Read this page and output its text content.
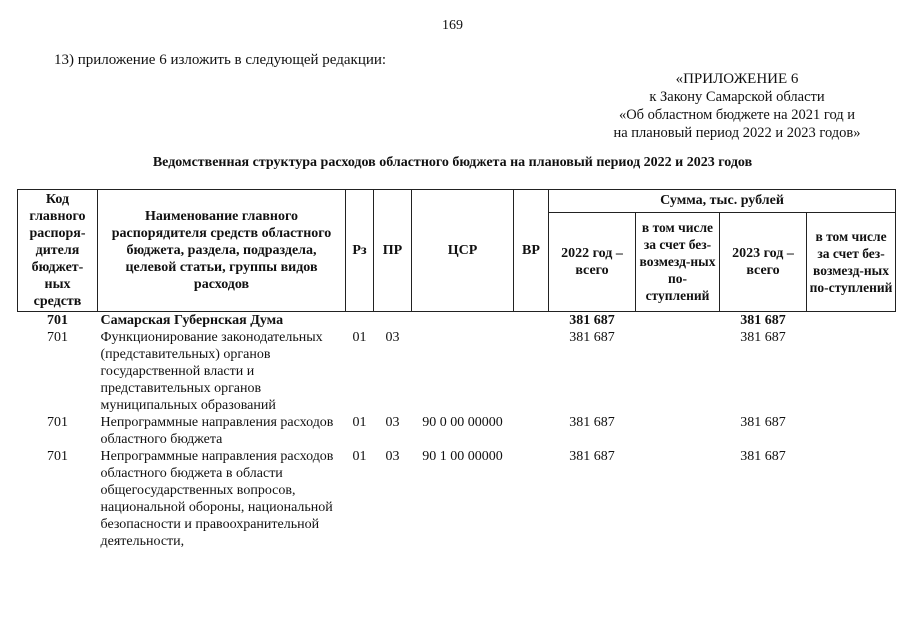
169
13) приложение 6 изложить в следующей редакции:
«ПРИЛОЖЕНИЕ 6
к Закону Самарской области
«Об областном бюджете на 2021 год и
на плановый период 2022 и 2023 годов»
Ведомственная структура расходов областного бюджета на плановый период 2022 и 2023 годов
Код главного распоря-дителя бюджет-ных средств	Наименование главного распорядителя средств областного бюджета, раздела, подраздела, целевой статьи, группы видов расходов	Рз	ПР	ЦСР	ВР	Сумма, тыс. рублей			
						2022 год – всего	в том числе за счет без-возмезд-ных по-ступлений	2023 год – всего	в том числе за счет без-возмезд-ных по-ступлений
701	Самарская Губернская Дума					381 687		381 687	
701	Функционирование законодательных (представительных) органов государственной власти и представительных органов муниципальных образований	01	03			381 687		381 687	
701	Непрограммные направления расходов областного бюджета	01	03	90 0 00 00000		381 687		381 687	
701	Непрограммные направления расходов областного бюджета в области общегосударственных вопросов, национальной обороны, национальной безопасности и правоохранительной деятельности,	01	03	90 1 00 00000		381 687		381 687	
